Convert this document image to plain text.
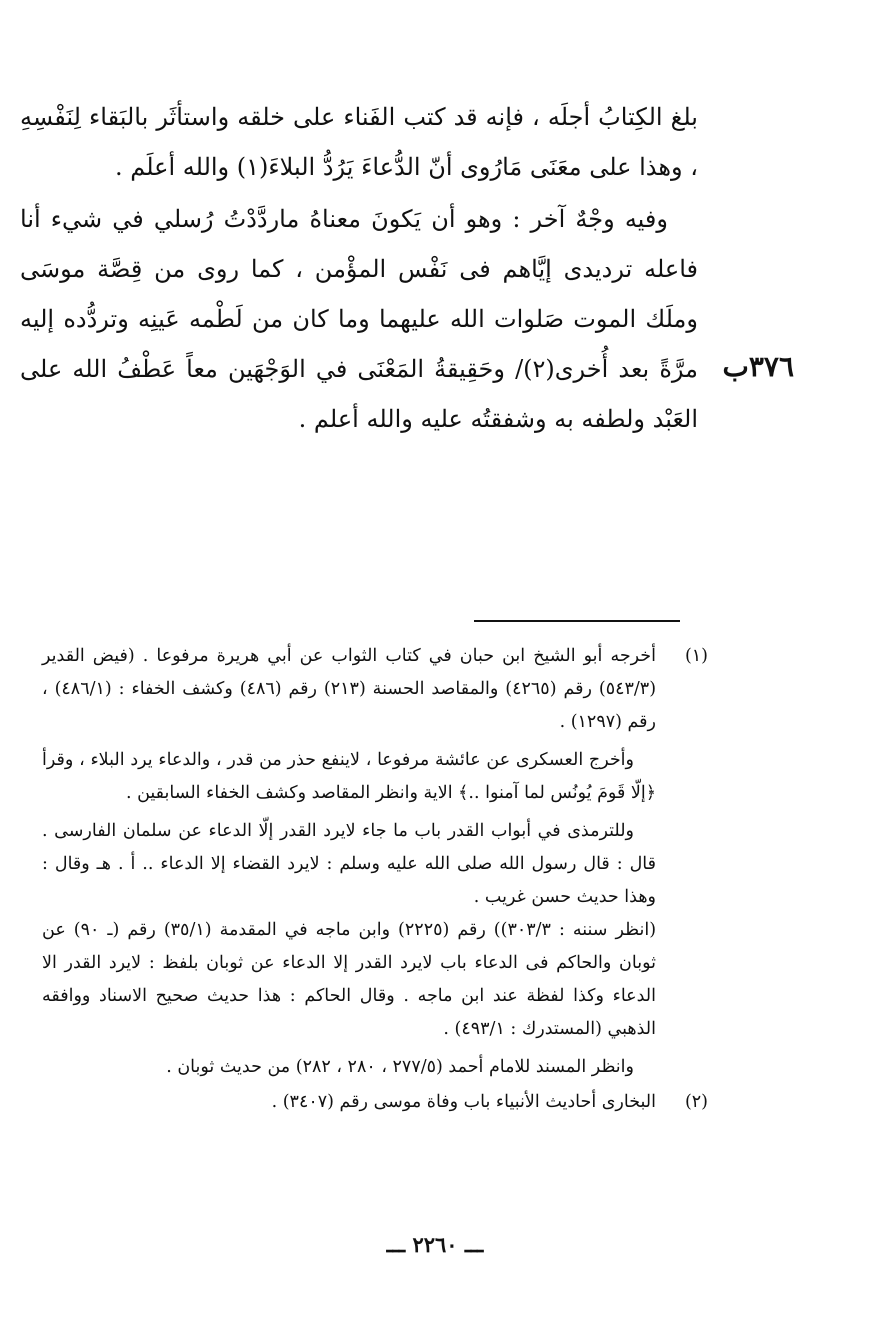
بلغ الكِتابُ أجلَه ، فإنه قد كتب الفَناء على خلقه واستأثَر بالبَقاء لِنَفْسِهِ ، وهذا على معَنَى مَارُوى أنّ الدُّعاءَ يَرُدُّ البلاءَ(١) والله أعلَم .

وفيه وجْهٌ آخر : وهو أن يَكونَ معناهُ ماردَّدْتُ رُسلي في شيء أنا فاعله ترديدى إيَّاهم فى نَفْس المؤْمن ، كما روى من قِصَّة موسَى وملَك الموت صَلوات الله عليهما وما كان من لَطْمه عَينِه وتردُّده إليه مرَّةً بعد أُخرى(٢)/ وحَقِيقةُ المَعْنَى في الوَجْهَين معاً عَطْفُ الله على العَبْد ولطفه به وشفقتُه عليه والله أعلم .

٣٧٦ب
(١)

أخرجه أبو الشيخ ابن حبان في كتاب الثواب عن أبي هريرة مرفوعا . (فيض القدير (٥٤٣/٣) رقم (٤٢٦٥) والمقاصد الحسنة (٢١٣) رقم (٤٨٦) وكشف الخفاء : (٤٨٦/١) ، رقم (١٢٩٧) .

وأخرج العسكرى عن عائشة مرفوعا ، لاينفع حذر من قدر ، والدعاء يرد البلاء ، وقرأ ﴿إلّا قَومَ يُونُس لما آمنوا ..﴾ الاية وانظر المقاصد وكشف الخفاء السابقين .

وللترمذى في أبواب القدر باب ما جاء لايرد القدر إلّا الدعاء عن سلمان الفارسى . قال : قال رسول الله صلى الله عليه وسلم : لايرد القضاء إلا الدعاء .. أ . هـ وقال : وهذا حديث حسن غريب .

(انظر سننه : ٣٠٣/٣)) رقم (٢٢٢٥) وابن ماجه في المقدمة (٣٥/١) رقم (ـ ٩٠) عن ثوبان والحاكم فى الدعاء باب لايرد القدر إلا الدعاء عن ثوبان بلفظ : لايرد القدر الا الدعاء وكذا لفظة عند ابن ماجه . وقال الحاكم : هذا حديث صحيح الاسناد ووافقه الذهبي (المستدرك : ٤٩٣/١) .

وانظر المسند للامام أحمد (٢٧٧/٥ ، ٢٨٠ ، ٢٨٢) من حديث ثوبان .

(٢)

البخارى أحاديث الأنبياء باب وفاة موسى رقم (٣٤٠٧) .

ـــ ٢٢٦٠ ـــ
